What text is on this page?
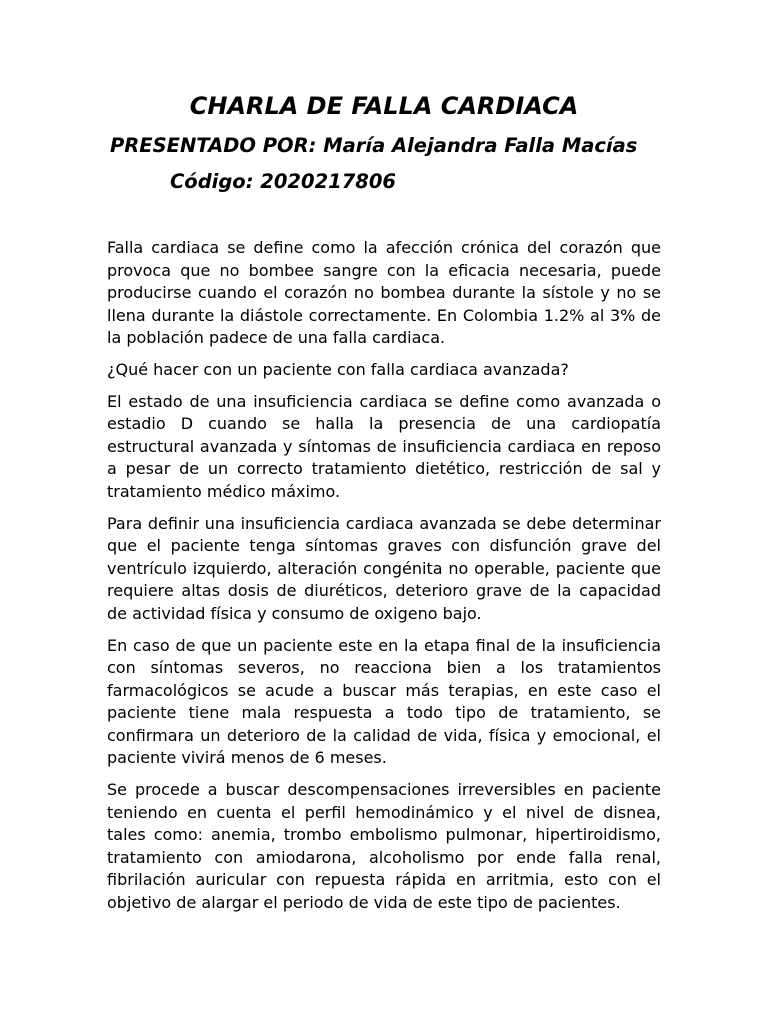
CHARLA DE FALLA CARDIACA

PRESENTADO POR: María Alejandra Falla Macías

Código: 2020217806

Falla cardiaca se define como la afección crónica del corazón que provoca que no bombee sangre con la eficacia necesaria, puede producirse cuando el corazón no bombea durante la sístole y no se llena durante la diástole correctamente. En Colombia 1.2% al 3% de la población padece de una falla cardiaca.

¿Qué hacer con un paciente con falla cardiaca avanzada?

El estado de una insuficiencia cardiaca se define como avanzada o estadio D cuando se halla la presencia de una cardiopatía estructural avanzada y síntomas de insuficiencia cardiaca en reposo a pesar de un correcto tratamiento dietético, restricción de sal y tratamiento médico máximo.

Para definir una insuficiencia cardiaca avanzada se debe determinar que el paciente tenga síntomas graves con disfunción grave del ventrículo izquierdo, alteración congénita no operable, paciente que requiere altas dosis de diuréticos, deterioro grave de la capacidad de actividad física y consumo de oxigeno bajo.

En caso de que un paciente este en la etapa final de la insuficiencia con síntomas severos, no reacciona bien a los tratamientos farmacológicos se acude a buscar más terapias, en este caso el paciente tiene mala respuesta a todo tipo de tratamiento, se confirmara un deterioro de la calidad de vida, física y emocional, el paciente vivirá menos de 6 meses.

Se procede a buscar descompensaciones irreversibles en paciente teniendo en cuenta el perfil hemodinámico y el nivel de disnea, tales como: anemia, trombo embolismo pulmonar, hipertiroidismo, tratamiento con amiodarona, alcoholismo por ende falla renal, fibrilación auricular con repuesta rápida en arritmia, esto con el objetivo de alargar el periodo de vida de este tipo de pacientes.
